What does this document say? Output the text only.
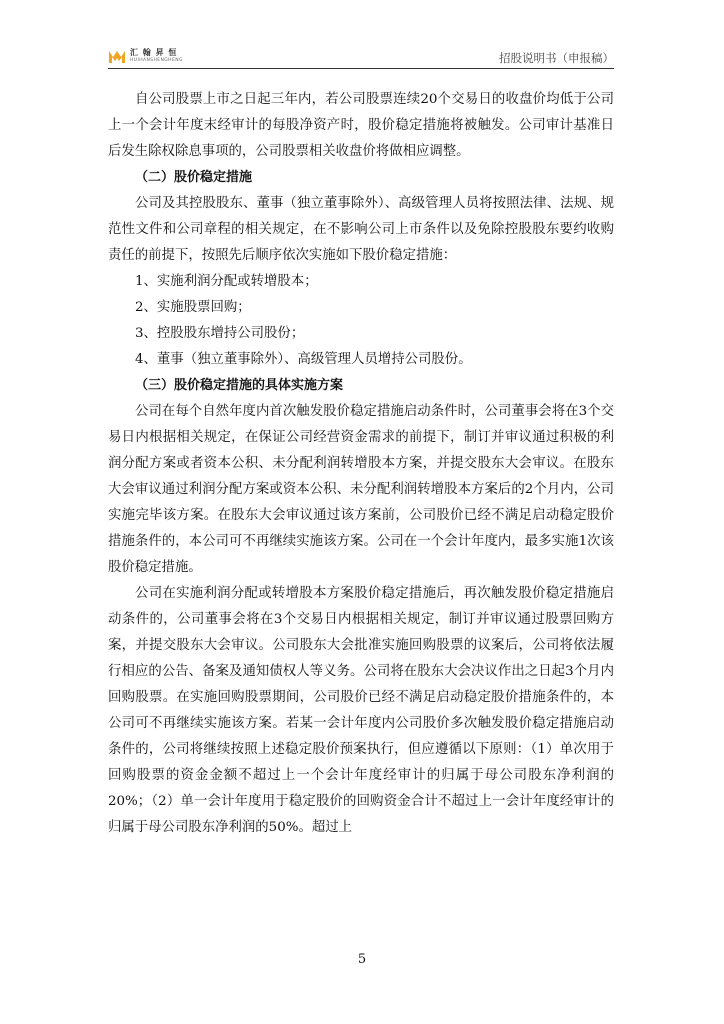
汇 翰 昇 恒
HUIHANSHENGHENG	招股说明书（申报稿）

自公司股票上市之日起三年内，若公司股票连续20个交易日的收盘价均低于公司上一个会计年度末经审计的每股净资产时，股价稳定措施将被触发。公司审计基准日后发生除权除息事项的，公司股票相关收盘价将做相应调整。

（二）股价稳定措施

公司及其控股股东、董事（独立董事除外）、高级管理人员将按照法律、法规、规范性文件和公司章程的相关规定，在不影响公司上市条件以及免除控股股东要约收购责任的前提下，按照先后顺序依次实施如下股价稳定措施：

1、实施利润分配或转增股本；

2、实施股票回购；

3、控股股东增持公司股份；

4、董事（独立董事除外）、高级管理人员增持公司股份。

（三）股价稳定措施的具体实施方案

公司在每个自然年度内首次触发股价稳定措施启动条件时，公司董事会将在3个交易日内根据相关规定，在保证公司经营资金需求的前提下，制订并审议通过积极的利润分配方案或者资本公积、未分配利润转增股本方案，并提交股东大会审议。在股东大会审议通过利润分配方案或资本公积、未分配利润转增股本方案后的2个月内，公司实施完毕该方案。在股东大会审议通过该方案前，公司股价已经不满足启动稳定股价措施条件的，本公司可不再继续实施该方案。公司在一个会计年度内，最多实施1次该股价稳定措施。

公司在实施利润分配或转增股本方案股价稳定措施后，再次触发股价稳定措施启动条件的，公司董事会将在3个交易日内根据相关规定，制订并审议通过股票回购方案，并提交股东大会审议。公司股东大会批准实施回购股票的议案后，公司将依法履行相应的公告、备案及通知债权人等义务。公司将在股东大会决议作出之日起3个月内回购股票。在实施回购股票期间，公司股价已经不满足启动稳定股价措施条件的，本公司可不再继续实施该方案。若某一会计年度内公司股价多次触发股价稳定措施启动条件的，公司将继续按照上述稳定股价预案执行，但应遵循以下原则：（1）单次用于回购股票的资金金额不超过上一个会计年度经审计的归属于母公司股东净利润的20%；（2）单一会计年度用于稳定股价的回购资金合计不超过上一会计年度经审计的归属于母公司股东净利润的50%。超过上

5
